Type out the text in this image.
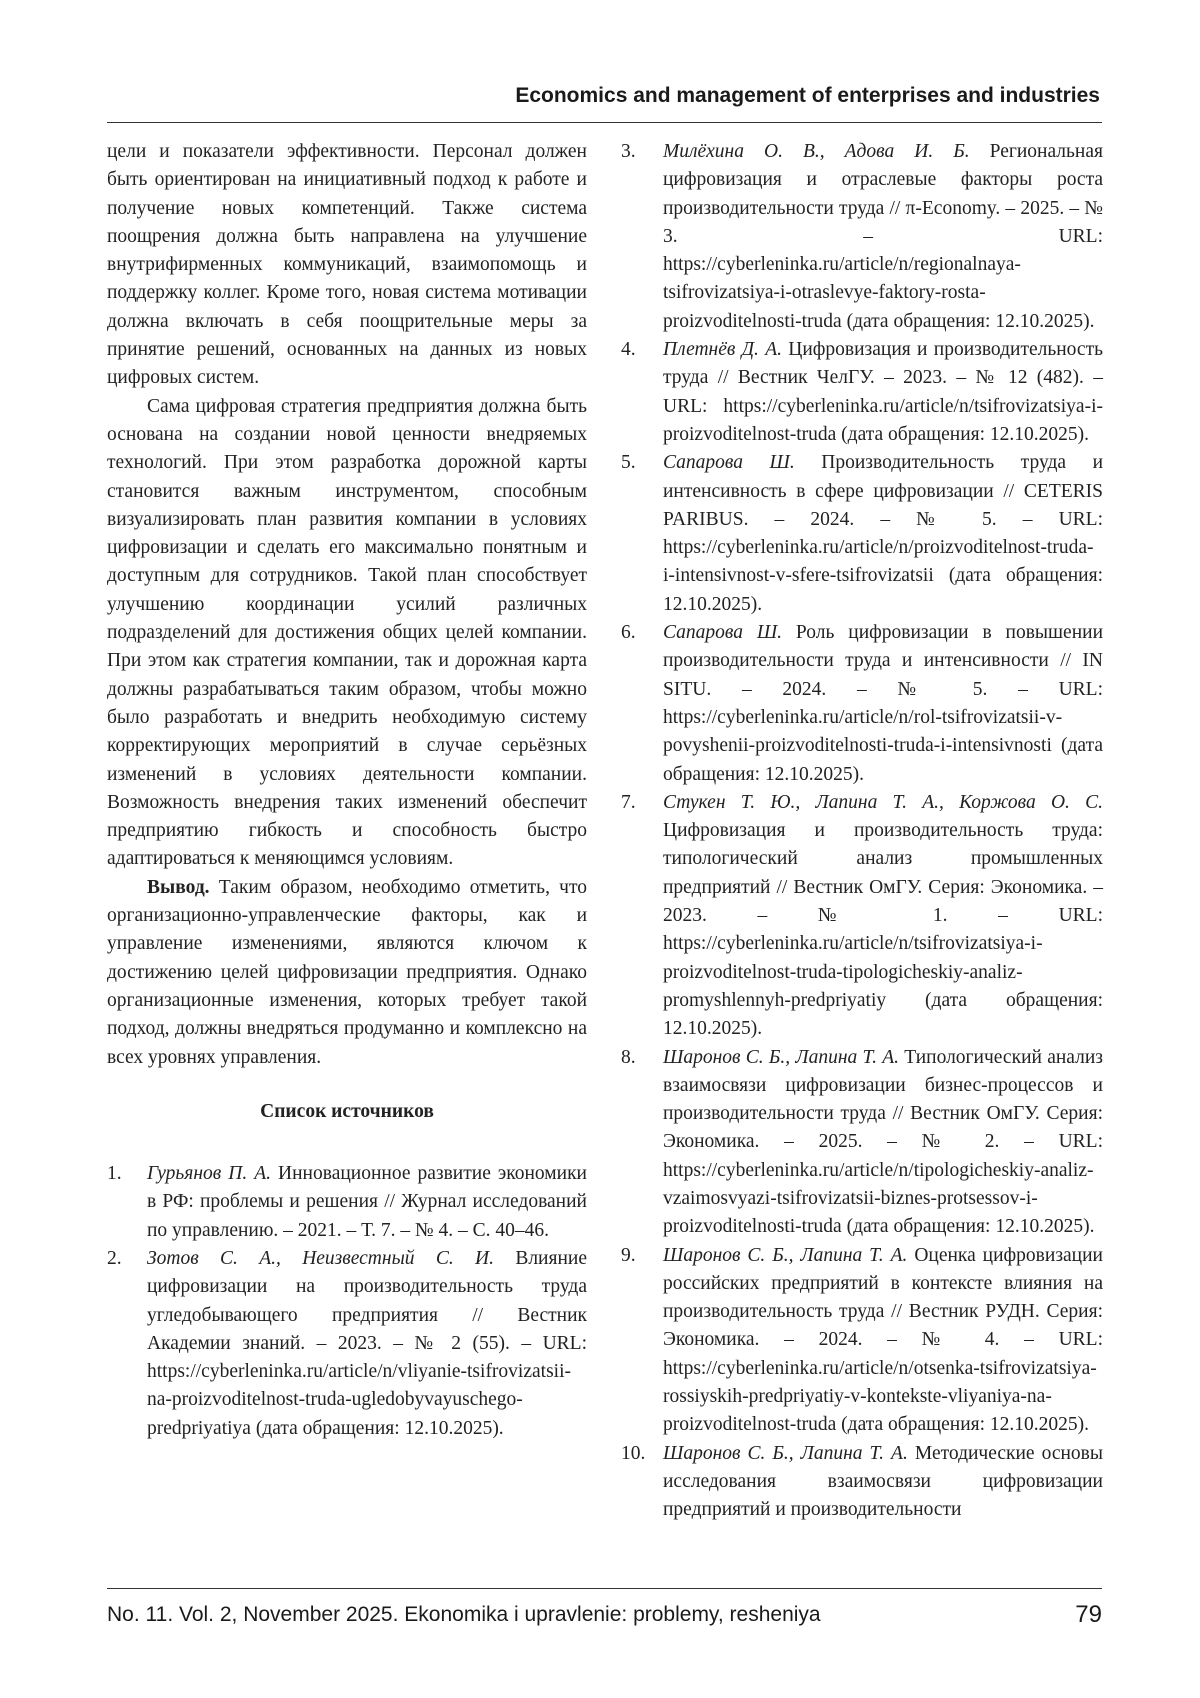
Economics and management of enterprises and industries

цели и показатели эффективности. Персонал должен быть ориентирован на инициативный подход к работе и получение новых компетенций. Также система поощрения должна быть направлена на улучшение внутрифирменных коммуникаций, взаимопомощь и поддержку коллег. Кроме того, новая система мотивации должна включать в себя поощрительные меры за принятие решений, основанных на данных из новых цифровых систем.

Сама цифровая стратегия предприятия должна быть основана на создании новой ценности внедряемых технологий. При этом разработка дорожной карты становится важным инструментом, способным визуализировать план развития компании в условиях цифровизации и сделать его максимально понятным и доступным для сотрудников. Такой план способствует улучшению координации усилий различных подразделений для достижения общих целей компании. При этом как стратегия компании, так и дорожная карта должны разрабатываться таким образом, чтобы можно было разработать и внедрить необходимую систему корректирующих мероприятий в случае серьёзных изменений в условиях деятельности компании. Возможность внедрения таких изменений обеспечит предприятию гибкость и способность быстро адаптироваться к меняющимся условиям.

Вывод. Таким образом, необходимо отметить, что организационно-управленческие факторы, как и управление изменениями, являются ключом к достижению целей цифровизации предприятия. Однако организационные изменения, которых требует такой подход, должны внедряться продуманно и комплексно на всех уровнях управления.

Список источников
1. Гурьянов П. А. Инновационное развитие экономики в РФ: проблемы и решения // Журнал исследований по управлению. – 2021. – Т. 7. – № 4. – С. 40–46.
2. Зотов С. А., Неизвестный С. И. Влияние цифровизации на производительность труда угледобывающего предприятия // Вестник Академии знаний. – 2023. – № 2 (55). – URL: https://cyberleninka.ru/article/n/vliyanie-tsifrovizatsii-na-proizvoditelnost-truda-ugledobyvayuschego-predpriyatiya (дата обращения: 12.10.2025).
3. Милёхина О. В., Адова И. Б. Региональная цифровизация и отраслевые факторы роста производительности труда // π-Economy. – 2025. – № 3. – URL: https://cyberleninka.ru/article/n/regionalnaya-tsifrovizatsiya-i-otraslevye-faktory-rosta-proizvoditelnosti-truda (дата обращения: 12.10.2025).
4. Плетнёв Д. А. Цифровизация и производительность труда // Вестник ЧелГУ. – 2023. – № 12 (482). – URL: https://cyberleninka.ru/article/n/tsifrovizatsiya-i-proizvoditelnost-truda (дата обращения: 12.10.2025).
5. Сапарова Ш. Производительность труда и интенсивность в сфере цифровизации // CETERIS PARIBUS. – 2024. – № 5. – URL: https://cyberleninka.ru/article/n/proizvoditelnost-truda-i-intensivnost-v-sfere-tsifrovizatsii (дата обращения: 12.10.2025).
6. Сапарова Ш. Роль цифровизации в повышении производительности труда и интенсивности // IN SITU. – 2024. – № 5. – URL: https://cyberleninka.ru/article/n/rol-tsifrovizatsii-v-povyshenii-proizvoditelnosti-truda-i-intensivnosti (дата обращения: 12.10.2025).
7. Стукен Т. Ю., Лапина Т. А., Коржова О. С. Цифровизация и производительность труда: типологический анализ промышленных предприятий // Вестник ОмГУ. Серия: Экономика. – 2023. – № 1. – URL: https://cyberleninka.ru/article/n/tsifrovizatsiya-i-proizvoditelnost-truda-tipologicheskiy-analiz-promyshlennyh-predpriyatiy (дата обращения: 12.10.2025).
8. Шаронов С. Б., Лапина Т. А. Типологический анализ взаимосвязи цифровизации бизнес-процессов и производительности труда // Вестник ОмГУ. Серия: Экономика. – 2025. – № 2. – URL: https://cyberleninka.ru/article/n/tipologicheskiy-analiz-vzaimosvyazi-tsifrovizatsii-biznes-protsessov-i-proizvoditelnosti-truda (дата обращения: 12.10.2025).
9. Шаронов С. Б., Лапина Т. А. Оценка цифровизации российских предприятий в контексте влияния на производительность труда // Вестник РУДН. Серия: Экономика. – 2024. – № 4. – URL: https://cyberleninka.ru/article/n/otsenka-tsifrovizatsiya-rossiyskih-predpriyatiy-v-kontekste-vliyaniya-na-proizvoditelnost-truda (дата обращения: 12.10.2025).
10. Шаронов С. Б., Лапина Т. А. Методические основы исследования взаимосвязи цифровизации предприятий и производительности
No. 11. Vol. 2, November 2025. Ekonomika i upravlenie: problemy, resheniya	79
